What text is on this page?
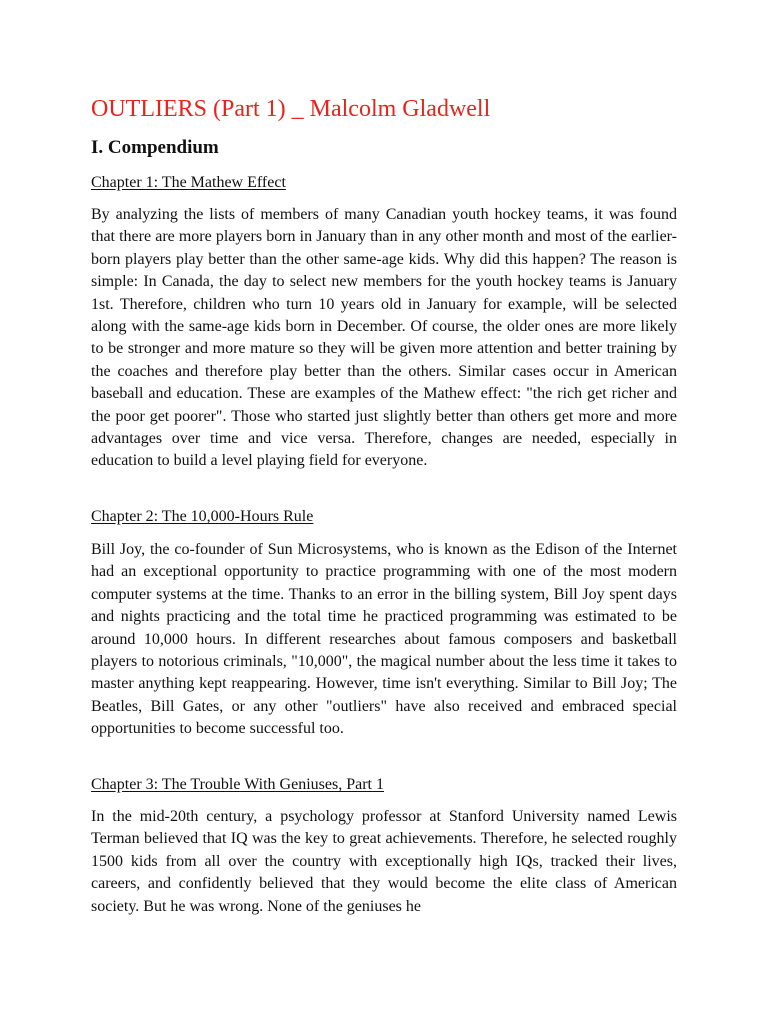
OUTLIERS (Part 1) _ Malcolm Gladwell
I. Compendium
Chapter 1: The Mathew Effect

By analyzing the lists of members of many Canadian youth hockey teams, it was found that there are more players born in January than in any other month and most of the earlier-born players play better than the other same-age kids. Why did this happen? The reason is simple: In Canada, the day to select new members for the youth hockey teams is January 1st. Therefore, children who turn 10 years old in January for example, will be selected along with the same-age kids born in December. Of course, the older ones are more likely to be stronger and more mature so they will be given more attention and better training by the coaches and therefore play better than the others. Similar cases occur in American baseball and education. These are examples of the Mathew effect: "the rich get richer and the poor get poorer". Those who started just slightly better than others get more and more advantages over time and vice versa. Therefore, changes are needed, especially in education to build a level playing field for everyone.

Chapter 2: The 10,000-Hours Rule

Bill Joy, the co-founder of Sun Microsystems, who is known as the Edison of the Internet had an exceptional opportunity to practice programming with one of the most modern computer systems at the time. Thanks to an error in the billing system, Bill Joy spent days and nights practicing and the total time he practiced programming was estimated to be around 10,000 hours. In different researches about famous composers and basketball players to notorious criminals, "10,000", the magical number about the less time it takes to master anything kept reappearing. However, time isn't everything. Similar to Bill Joy; The Beatles, Bill Gates, or any other "outliers" have also received and embraced special opportunities to become successful too.

Chapter 3: The Trouble With Geniuses, Part 1

In the mid-20th century, a psychology professor at Stanford University named Lewis Terman believed that IQ was the key to great achievements. Therefore, he selected roughly 1500 kids from all over the country with exceptionally high IQs, tracked their lives, careers, and confidently believed that they would become the elite class of American society. But he was wrong. None of the geniuses he
